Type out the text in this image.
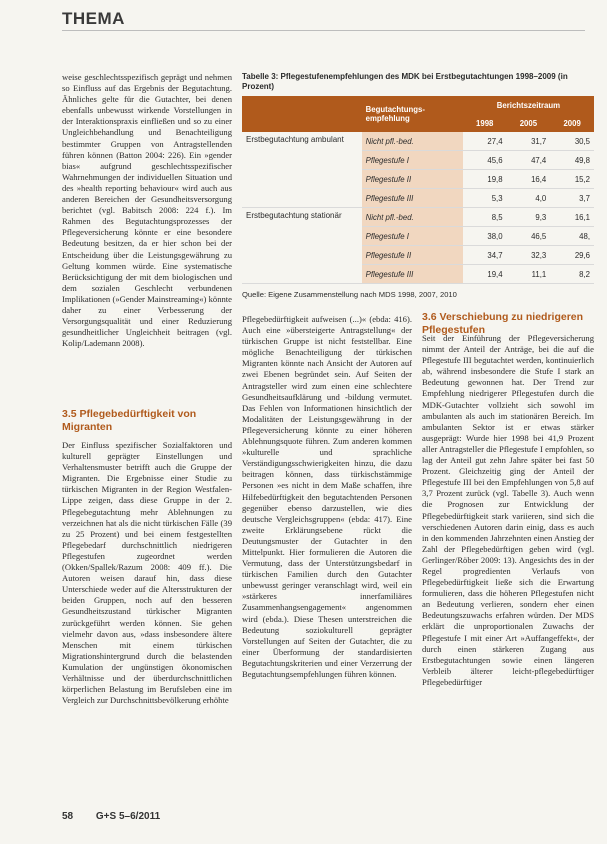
THEMA

weise geschlechtsspezifisch geprägt und nehmen so Einfluss auf das Ergebnis der Begutachtung. Ähnliches gelte für die Gutachter, bei denen ebenfalls unbewusst wirkende Vorstellungen in der Interaktionspraxis einfließen und so zu einer Ungleichbehandlung und Benachteiligung bestimmter Gruppen von Antragstellenden führen können (Batton 2004: 226). Ein »gender bias« aufgrund geschlechtsspezifischer Wahrnehmungen der individuellen Situation und des »health reporting behaviour« wird auch aus anderen Bereichen der Gesundheitsversorgung berichtet (vgl. Babitsch 2008: 224 f.). Im Rahmen des Begutachtungsprozesses der Pflegeversicherung könnte er eine besondere Bedeutung besitzen, da er hier schon bei der Entscheidung über die Leistungsgewährung zu Geltung kommen würde. Eine systematische Berücksichtigung der mit dem biologischen und dem sozialen Geschlecht verbundenen Implikationen (»Gender Mainstreaming«) könnte daher zu einer Verbesserung der Versorgungsqualität und einer Reduzierung gesundheitlicher Ungleichheit beitragen (vgl. Kolip/Lademann 2008).

3.5 Pflegebedürftigkeit von Migranten

Der Einfluss spezifischer Sozialfaktoren und kulturell geprägter Einstellungen und Verhaltensmuster betrifft auch die Gruppe der Migranten. Die Ergebnisse einer Studie zu türkischen Migranten in der Region Westfalen-Lippe zeigen, dass diese Gruppe in der 2. Pflegebegutachtung mehr Ablehnungen zu verzeichnen hat als die nicht türkischen Fälle (39 zu 25 Prozent) und bei einem festgestellten Pflegebedarf durchschnittlich niedrigeren Pflegestufen zugeordnet werden (Okken/Spallek/Razum 2008: 409 ff.). Die Autoren weisen darauf hin, dass diese Unterschiede weder auf die Altersstrukturen der beiden Gruppen, noch auf den besseren Gesundheitszustand türkischer Migranten zurückgeführt werden können. Sie gehen vielmehr davon aus, »dass insbesondere ältere Menschen mit einem türkischen Migrationshintergrund durch die belastenden Kumulation der ungünstigen ökonomischen Verhältnisse und der überdurchschnittlichen körperlichen Belastung im Berufsleben eine im Vergleich zur Durchschnittsbevölkerung erhöhte

Tabelle 3: Pflegestufenempfehlungen des MDK bei Erstbegutachtungen 1998–2009 (in Prozent)
	Begutachtungs-empfehlung	Berichtszeitraum		
		1998	2005	2009
Erstbegutachtung ambulant	Nicht pfl.-bed.	27,4	31,7	30,5
	Pflegestufe I	45,6	47,4	49,8
	Pflegestufe II	19,8	16,4	15,2
	Pflegestufe III	5,3	4,0	3,7
Erstbegutachtung stationär	Nicht pfl.-bed.	8,5	9,3	16,1
	Pflegestufe I	38,0	46,5	48,
	Pflegestufe II	34,7	32,3	29,6
	Pflegestufe III	19,4	11,1	8,2
Quelle: Eigene Zusammenstellung nach MDS 1998, 2007, 2010

Pflegebedürftigkeit aufweisen (...)« (ebda: 416). Auch eine »übersteigerte Antragstellung« der türkischen Gruppe ist nicht feststellbar. Eine mögliche Benachteiligung der türkischen Migranten könnte nach Ansicht der Autoren auf zwei Ebenen begründet sein. Auf Seiten der Antragsteller wird zum einen eine schlechtere Gesundheitsaufklärung und -bildung vermutet. Das Fehlen von Informationen hinsichtlich der Modalitäten der Leistungsgewährung in der Pflegeversicherung könnte zu einer höheren Ablehnungsquote führen. Zum anderen kommen »kulturelle und sprachliche Verständigungsschwierigkeiten hinzu, die dazu beitragen können, dass türkischstämmige Personen »es nicht in dem Maße schaffen, ihre Hilfebedürftigkeit den begutachtenden Personen gegenüber ebenso darzustellen, wie dies deutsche Vergleichsgruppen« (ebda: 417). Eine zweite Erklärungsebene rückt die Deutungsmuster der Gutachter in den Mittelpunkt. Hier formulieren die Autoren die Vermutung, dass der Unterstützungsbedarf in türkischen Familien durch den Gutachter unbewusst geringer veranschlagt wird, weil ein »stärkeres innerfamiliäres Zusammenhangsengagement« angenommen wird (ebda.). Diese Thesen unterstreichen die Bedeutung soziokulturell geprägter Vorstellungen auf Seiten der Gutachter, die zu einer Überformung der standardisierten Begutachtungskriterien und einer Verzerrung der Begutachtungsempfehlungen führen können.

3.6 Verschiebung zu niedrigeren Pflegestufen

Seit der Einführung der Pflegeversicherung nimmt der Anteil der Anträge, bei die auf die Pflegestufe III begutachtet werden, kontinuierlich ab, während insbesondere die Stufe I stark an Bedeutung gewonnen hat. Der Trend zur Empfehlung niedrigerer Pflegestufen durch die MDK-Gutachter vollzieht sich sowohl im ambulanten als auch im stationären Bereich. Im ambulanten Sektor ist er etwas stärker ausgeprägt: Wurde hier 1998 bei 41,9 Prozent aller Antragsteller die Pflegestufe I empfohlen, so lag der Anteil gut zehn Jahre später bei fast 50 Prozent. Gleichzeitig ging der Anteil der Pflegestufe III bei den Empfehlungen von 5,8 auf 3,7 Prozent zurück (vgl. Tabelle 3). Auch wenn die Prognosen zur Entwicklung der Pflegebedürftigkeit stark variieren, sind sich die verschiedenen Autoren darin einig, dass es auch in den kommenden Jahrzehnten einen Anstieg der Zahl der Pflegebedürftigen geben wird (vgl. Gerlinger/Röber 2009: 13). Angesichts des in der Regel progredienten Verlaufs von Pflegebedürftigkeit ließe sich die Erwartung formulieren, dass die höheren Pflegestufen nicht an Bedeutung verlieren, sondern eher einen Bedeutungszuwachs erfahren würden. Der MDS erklärt die unproportionalen Zuwachs der Pflegestufe I mit einer Art »Auffangeffekt«, der durch einen stärkeren Zugang aus Erstbegutachtungen sowie einen längeren Verbleib älterer leicht-pflegebedürftiger Pflegebedürftiger

58 G+S 5–6/2011
